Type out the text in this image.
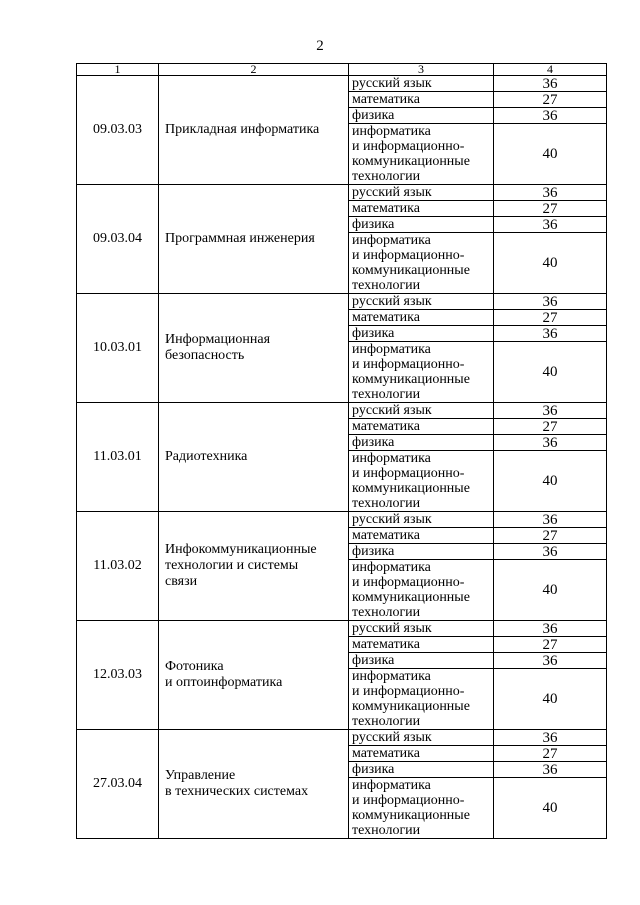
2
1	2	3	4
09.03.03	Прикладная информатика	русский язык	36
		математика	27
		физика	36

		информатика
и информационно-
коммуникационные
технологии	40
09.03.04	Программная инженерия	русский язык	36
		математика	27
		физика	36

		информатика
и информационно-
коммуникационные
технологии	40
10.03.01	Информационная
безопасность	русский язык	36
		математика	27
		физика	36

		информатика
и информационно-
коммуникационные
технологии	40
11.03.01	Радиотехника	русский язык	36
		математика	27
		физика	36

		информатика
и информационно-
коммуникационные
технологии	40
11.03.02	Инфокоммуникационные
технологии и системы
связи	русский язык	36
		математика	27
		физика	36

		информатика
и информационно-
коммуникационные
технологии	40
12.03.03	Фотоника
и оптоинформатика	русский язык	36
		математика	27
		физика	36

		информатика
и информационно-
коммуникационные
технологии	40
27.03.04	Управление
в технических системах	русский язык	36
		математика	27
		физика	36

		информатика
и информационно-
коммуникационные
технологии	40
